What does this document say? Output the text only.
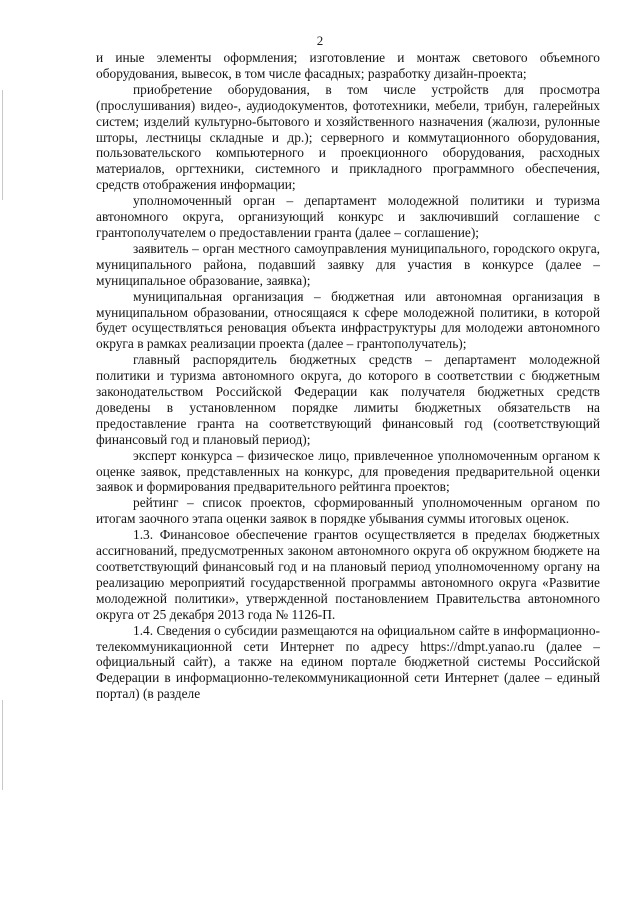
2

и иные элементы оформления; изготовление и монтаж светового объемного оборудования, вывесок, в том числе фасадных; разработку дизайн-проекта;

приобретение оборудования, в том числе устройств для просмотра (прослушивания) видео-, аудиодокументов, фототехники, мебели, трибун, галерейных систем; изделий культурно-бытового и хозяйственного назначения (жалюзи, рулонные шторы, лестницы складные и др.); серверного и коммутационного оборудования, пользовательского компьютерного и проекционного оборудования, расходных материалов, оргтехники, системного и прикладного программного обеспечения, средств отображения информации;

уполномоченный орган – департамент молодежной политики и туризма автономного округа, организующий конкурс и заключивший соглашение с грантополучателем о предоставлении гранта (далее – соглашение);

заявитель – орган местного самоуправления муниципального, городского округа, муниципального района, подавший заявку для участия в конкурсе (далее – муниципальное образование, заявка);

муниципальная организация – бюджетная или автономная организация в муниципальном образовании, относящаяся к сфере молодежной политики, в которой будет осуществляться реновация объекта инфраструктуры для молодежи автономного округа в рамках реализации проекта (далее – грантополучатель);

главный распорядитель бюджетных средств – департамент молодежной политики и туризма автономного округа, до которого в соответствии с бюджетным законодательством Российской Федерации как получателя бюджетных средств доведены в установленном порядке лимиты бюджетных обязательств на предоставление гранта на соответствующий финансовый год (соответствующий финансовый год и плановый период);

эксперт конкурса – физическое лицо, привлеченное уполномоченным органом к оценке заявок, представленных на конкурс, для проведения предварительной оценки заявок и формирования предварительного рейтинга проектов;

рейтинг – список проектов, сформированный уполномоченным органом по итогам заочного этапа оценки заявок в порядке убывания суммы итоговых оценок.

1.3. Финансовое обеспечение грантов осуществляется в пределах бюджетных ассигнований, предусмотренных законом автономного округа об окружном бюджете на соответствующий финансовый год и на плановый период уполномоченному органу на реализацию мероприятий государственной программы автономного округа «Развитие молодежной политики», утвержденной постановлением Правительства автономного округа от 25 декабря 2013 года № 1126-П.

1.4. Сведения о субсидии размещаются на официальном сайте в информационно-телекоммуникационной сети Интернет по адресу https://dmpt.yanao.ru (далее – официальный сайт), а также на едином портале бюджетной системы Российской Федерации в информационно-телекоммуникационной сети Интернет (далее – единый портал) (в разделе
